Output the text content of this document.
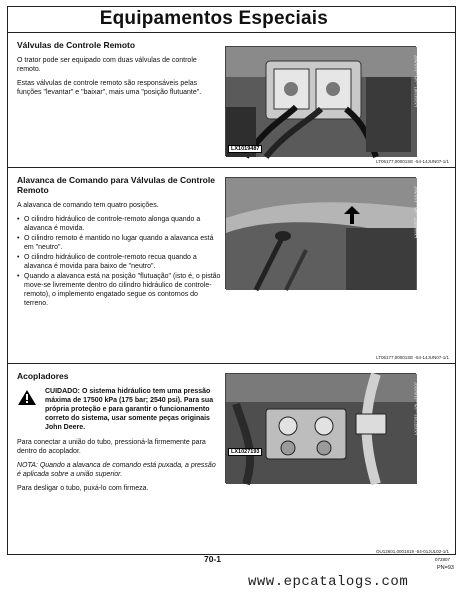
Equipamentos Especiais
Válvulas de Controle Remoto

O trator pode ser equipado com duas válvulas de controle remoto.

Estas válvulas de controle remoto são responsáveis pelas funções "levantar" e "baixar", mais uma "posição flutuante".

LX1019487
LX1019487 —UN—14JUN07
LT06177,00001SE -54-14JUN07-1/1
Alavanca de Comando para Válvulas de Controle Remoto

A alavanca de comando tem quatro posições.

• O cilindro hidráulico de controle-remoto alonga quando a alavanca é movida.
• O cilindro remoto é mantido no lugar quando a alavanca está em "neutro".
• O cilindro hidráulico de controle-remoto recua quando a alavanca é movida para baixo de "neutro".
• Quando a alavanca está na posição "flutuação" (isto é, o pistão move-se livremente dentro do cilindro hidráulico de controle-remoto), o implemento engatado segue os contornos do terreno.
LX1019527 —UN—14JUN07
LT06177,00001SE -54-14JUN07-1/1
Acopladores
CUIDADO: O sistema hidráulico tem uma pressão máxima de 17500 kPa (175 bar; 2540 psi). Para sua própria proteção e para garantir o funcionamento correto do sistema, usar somente peças originais John Deere.

Para conectar a união do tubo, pressioná-la firmemente para dentro do acoplador.

NOTA: Quando a alavanca de comando está puxada, a pressão é aplicada sobre a união superior.

Para desligar o tubo, puxá-lo com firmeza.

LX1027193
LX1027193 —UN—21AUG07
OU12601,0001819 -54-01JUL02-1/1
70-1	072807
PN=93
www.epcatalogs.com
